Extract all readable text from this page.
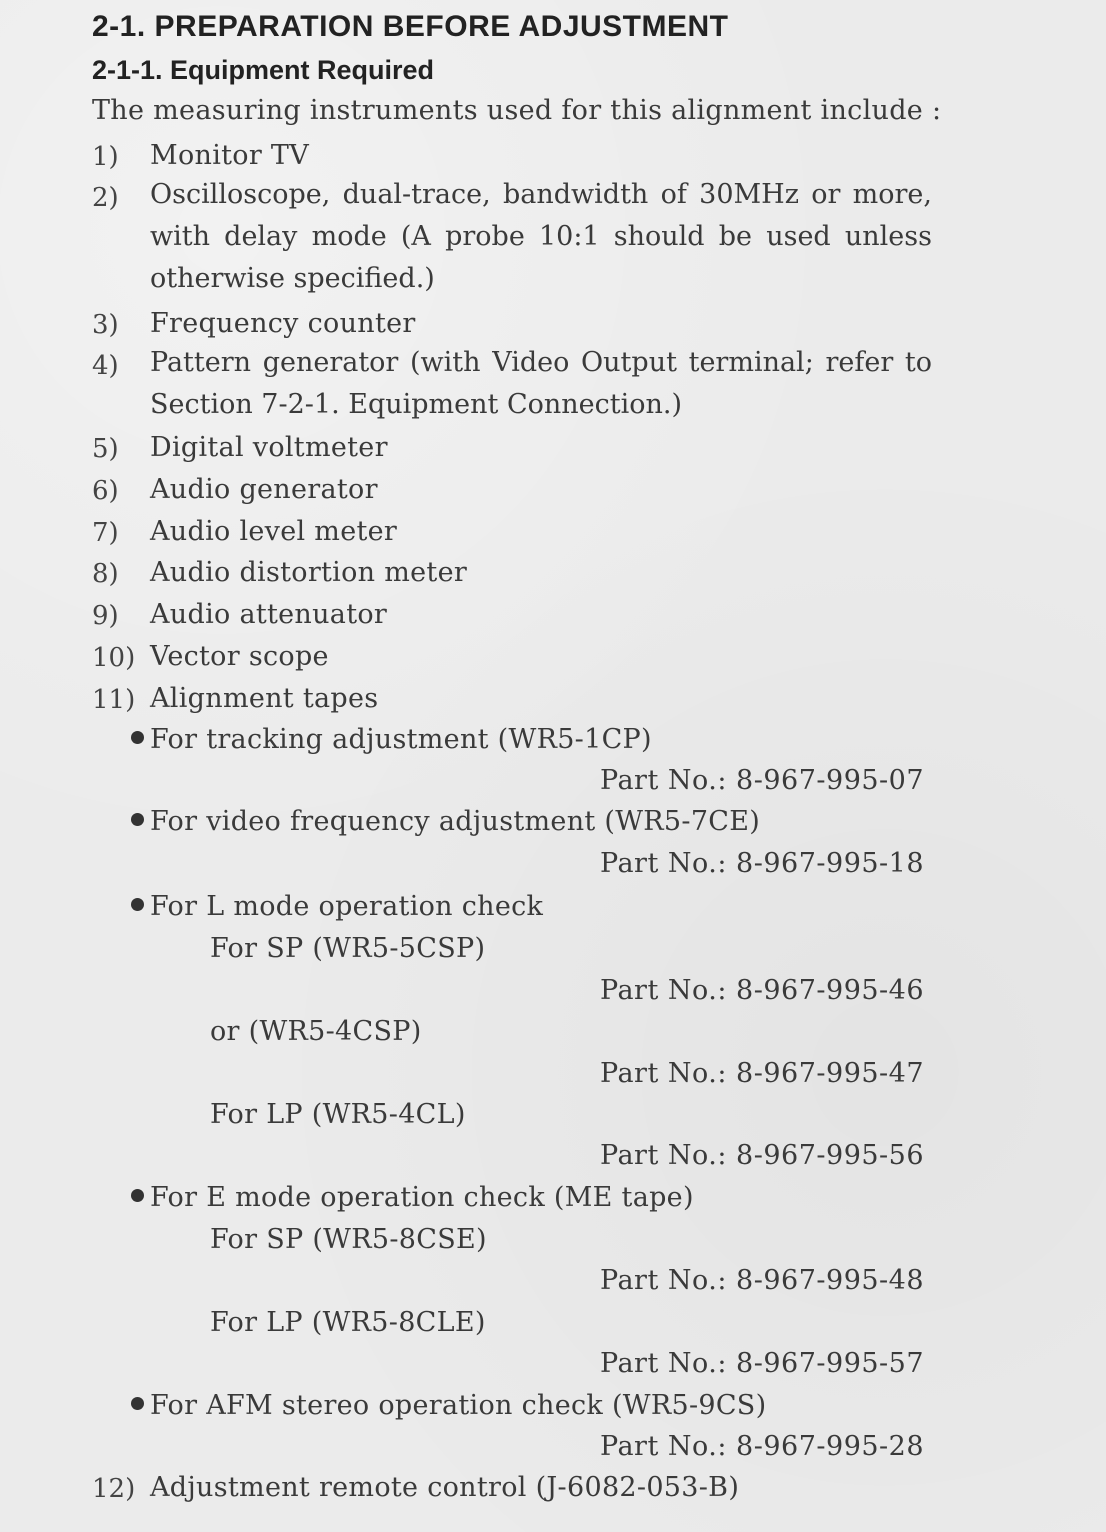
2-1. PREPARATION BEFORE ADJUSTMENT
2-1-1. Equipment Required
The measuring instruments used for this alignment include :
1) Monitor TV
2) Oscilloscope, dual-trace, bandwidth of 30MHz or more, with delay mode (A probe 10:1 should be used unless otherwise specified.)
3) Frequency counter
4) Pattern generator (with Video Output terminal; refer to Section 7-2-1. Equipment Connection.)
5) Digital voltmeter
6) Audio generator
7) Audio level meter
8) Audio distortion meter
9) Audio attenuator
10) Vector scope
11) Alignment tapes
For tracking adjustment (WR5-1CP)
Part No.: 8-967-995-07
For video frequency adjustment (WR5-7CE)
Part No.: 8-967-995-18
For L mode operation check
For SP (WR5-5CSP)
Part No.: 8-967-995-46
or (WR5-4CSP)
Part No.: 8-967-995-47
For LP (WR5-4CL)
Part No.: 8-967-995-56
For E mode operation check (ME tape)
For SP (WR5-8CSE)
Part No.: 8-967-995-48
For LP (WR5-8CLE)
Part No.: 8-967-995-57
For AFM stereo operation check (WR5-9CS)
Part No.: 8-967-995-28
12) Adjustment remote control (J-6082-053-B)
